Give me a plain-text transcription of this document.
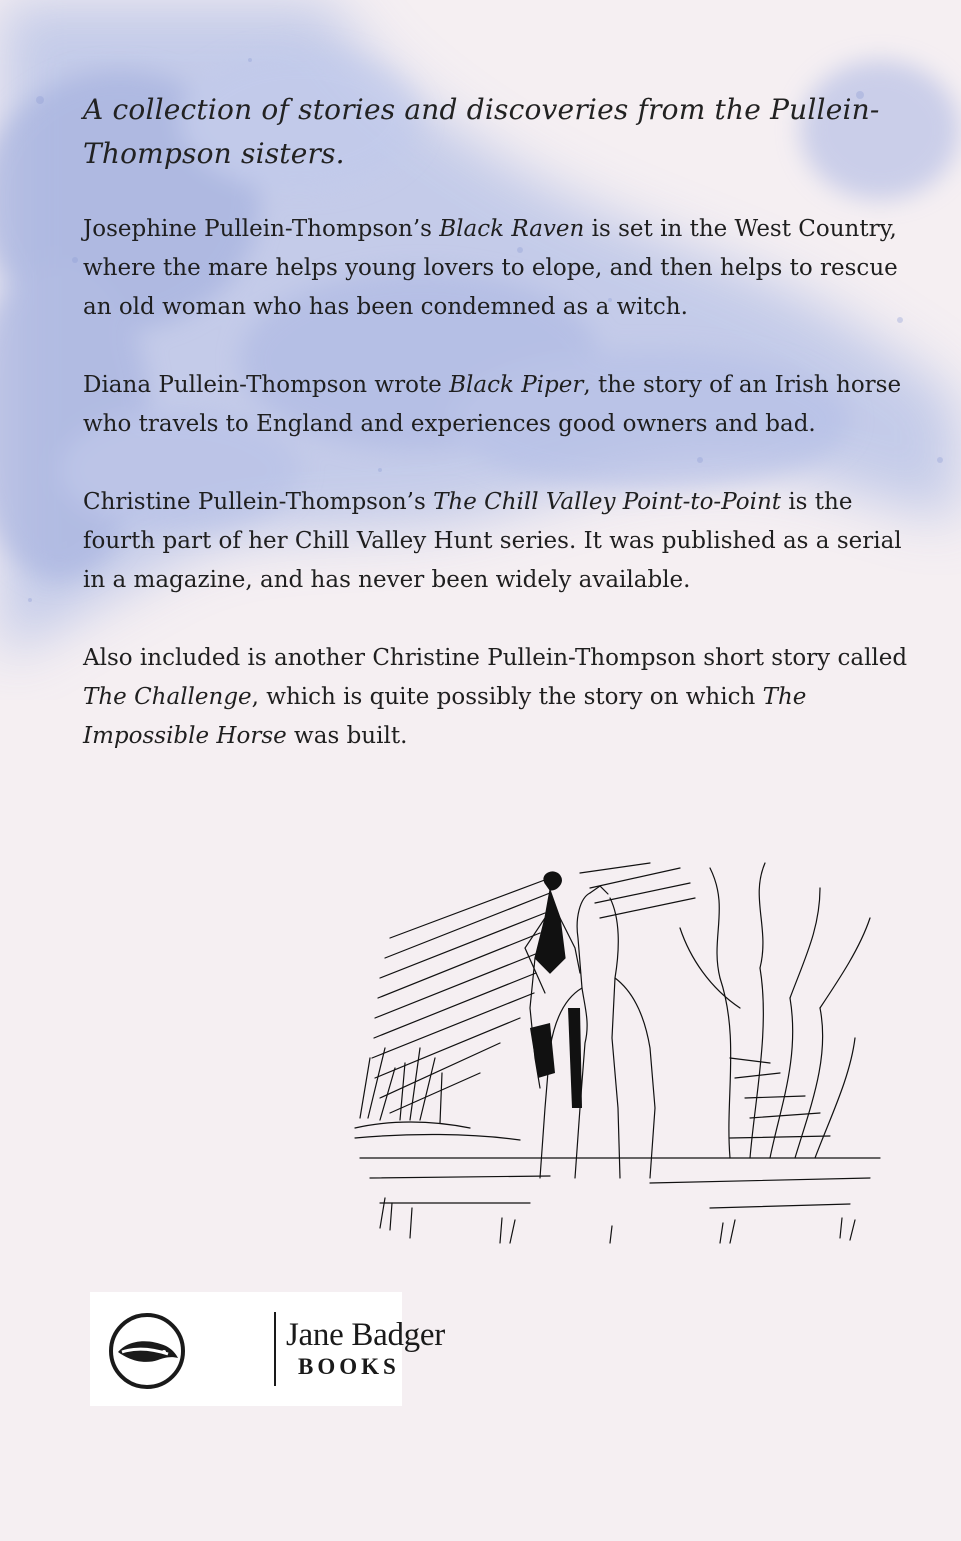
A collection of stories and discoveries from the Pullein-Thompson sisters.

Josephine Pullein-Thompson’s Black Raven is set in the West Country, where the mare helps young lovers to elope, and then helps to rescue an old woman who has been condemned as a witch.

Diana Pullein-Thompson wrote Black Piper, the story of an Irish horse who travels to England and experiences good owners and bad.

Christine Pullein-Thompson’s The Chill Valley Point-to-Point is the fourth part of her Chill Valley Hunt series. It was published as a serial in a magazine, and has never been widely available.

Also included is another Christine Pullein-Thompson short story called The Challenge, which is quite possibly the story on which The Impossible Horse was built.

Jane Badger
BOOKS
